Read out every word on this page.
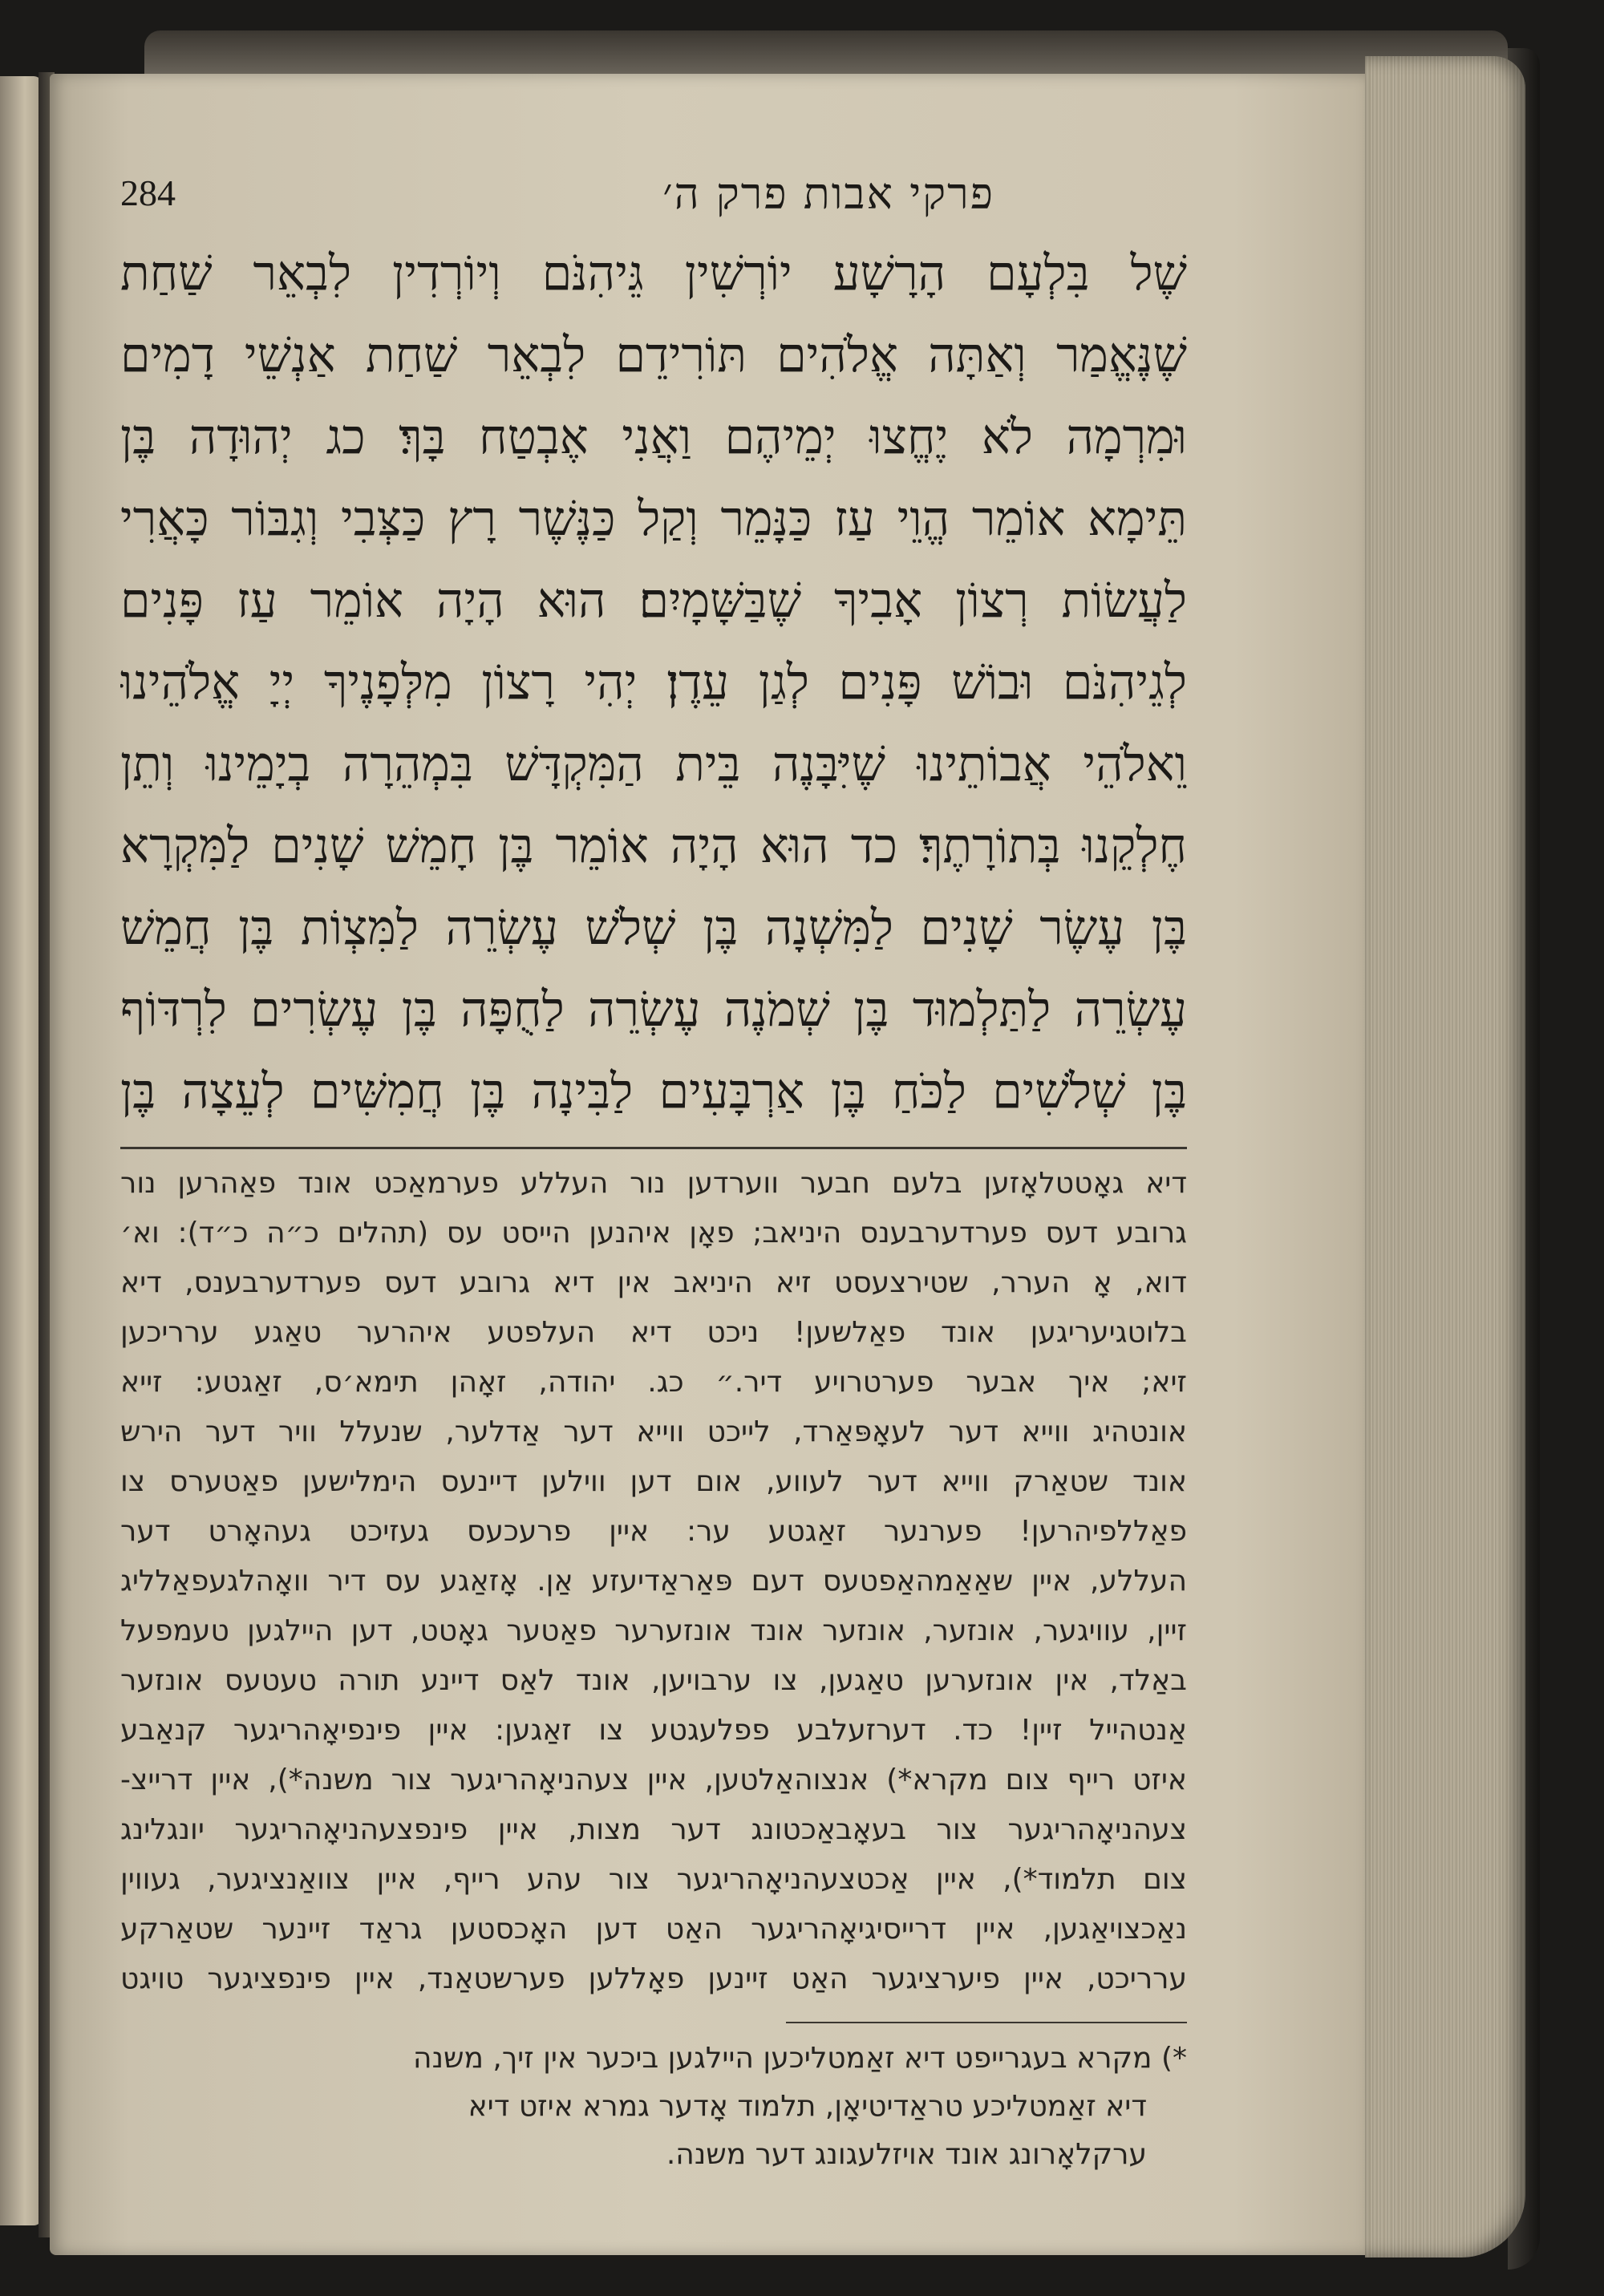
פרקי אבות פרק ה׳
284
שֶׁל בִּלְעָם הָרָשָׁע יוֹרְשִׁין גֵּיהִנֹּם וְיוֹרְדִין לִבְאֵר שַׁחַת
שֶׁנֶּאֱמַר וְאַתָּה אֱלֹהִים תּוֹרִידֵם לִבְאֵר שַׁחַת אַנְשֵׁי דָמִים
וּמִרְמָה לֹא יֶחֱצוּ יְמֵיהֶם וַאֲנִי אֶבְטַח בָּךְ׃ כג יְהוּדָה בֶּן
תֵּימָא אוֹמֵר הֱוֵי עַז כַּנָּמֵר וְקַל כַּנֶּשֶׁר רָץ כַּצְּבִי וְגִבּוֹר כָּאֲרִי
לַעֲשׂוֹת רְצוֹן אָבִיךָ שֶׁבַּשָּׁמָיִם׃ הוּא הָיָה אוֹמֵר עַז פָּנִים
לְגֵיהִנֹּם וּבוֹשׁ פָּנִים לְגַן עֵדֶן׃ יְהִי רָצוֹן מִלְּפָנֶיךָ יְיָ אֱלֹהֵינוּ
וֵאלֹהֵי אֲבוֹתֵינוּ שֶׁיִּבָּנֶה בֵּית הַמִּקְדָּשׁ בִּמְהֵרָה בְיָמֵינוּ וְתֵן
חֶלְקֵנוּ בְּתוֹרָתֶךָ׃ כד הוּא הָיָה אוֹמֵר בֶּן חָמֵשׁ שָׁנִים לַמִּקְרָא
בֶּן עֶשֶׂר שָׁנִים לַמִּשְׁנָה בֶּן שְׁלֹשׁ עֶשְׂרֵה לַמִּצְוֹת בֶּן חֲמֵשׁ
עֶשְׂרֵה לַתַּלְמוּד בֶּן שְׁמֹנֶה עֶשְׂרֵה לַחֻפָּה בֶּן עֶשְׂרִים לִרְדּוֹף
בֶּן שְׁלֹשִׁים לַכֹּחַ בֶּן אַרְבָּעִים לַבִּינָה בֶּן חֲמִשִּׁים לְעֵצָה בֶּן
דיא גאָטטלאָזען בלעם חבער ווערדען נור העללע פערמאַכט אונד פאַהרען נור
גרובע דעס פערדערבענס היניאב; פאָן איהנען הייסט עס (תהלים כ״ה כ״ד): וא׳
דוא, אָ הערר, שטירצעסט זיא היניאב אין דיא גרובע דעס פערדערבענס, דיא
בלוטגיעריגען אונד פאַלשען! ניכט דיא העלפטע איהרער טאַגע ערריכען
זיא; איך אבער פערטרויע דיר.״ כג. יהודה, זאָהן תימא׳ס, זאַגטע: זייא
אונטהיג ווייא דער לעאָפּאַרד, לייכט ווייא דער אַדלער, שנעלל וויר דער הירש
אונד שטאַרק ווייא דער לעווע, אום דען ווילען דיינעס הימלישען פאַטערס צו
פאַללפיהרען! פערנער זאַגטע ער: איין פרעכעס געזיכט געהאָרט דער
העללע, איין שאַאַמהאַפטעס דעם פּאַראַדיעזע אַן. אָזאַגע עס דיר וואָהלגעפאַלליג
זיין, עוויגער, אונזער, אונזער אונד אונזערער פאַטער גאָטט, דען היילגען טעמפעל
באַלד, אין אונזערען טאַגען, צו ערבויען, אונד לאַס דיינע תורה טעטעס אונזער
אַנטהייל זיין! כד. דערזעלבע פפלעגטע צו זאַגען: איין פינפיאָהריגער קנאַבע
איזט רייף צום מקרא*) אנצוהאַלטען, איין צעהניאָהריגער צור משנה*), איין דרייצ-
צעהניאָהריגער צור בעאָבאַכטונג דער מצות, איין פינפצעהניאָהריגער יונגלינג
צום תלמוד*), איין אַכטצעהניאָהריגער צור עהע רייף, איין צוואַנציגער, געווין
נאַכצויאַגען, איין דרייסיגיאָהריגער האַט דען האָכסטען גראַד זיינער שטאַרקע
ערריכט, איין פיערציגער האַט זיינען פאָללען פערשטאַנד, איין פינפציגער טויגט
*) מקרא בעגרייפט דיא זאַמטליכען היילגען ביכער אין זיך, משנה
דיא זאַמטליכע טראַדיטיאָן, תלמוד אָדער גמרא איזט דיא
ערקלאָרונג אונד אויזלעגונג דער משנה.
